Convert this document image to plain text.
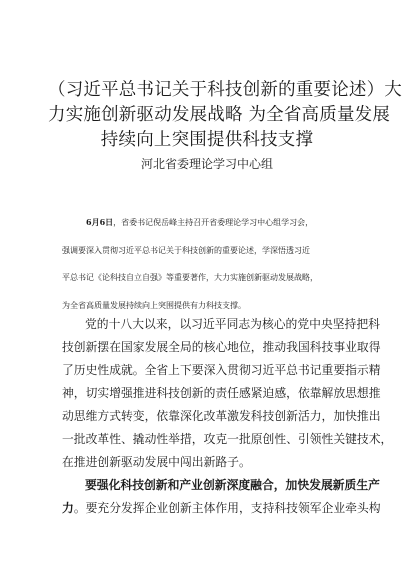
（习近平总书记关于科技创新的重要论述）大
力实施创新驱动发展战略 为全省高质量发展
持续向上突围提供科技支撑
河北省委理论学习中心组
6月6日，省委书记倪岳峰主持召开省委理论学习中心组学习会，
强调要深入贯彻习近平总书记关于科技创新的重要论述，学深悟透习近
平总书记《论科技自立自强》等重要著作，大力实施创新驱动发展战略，
为全省高质量发展持续向上突围提供有力科技支撑。
党的十八大以来，以习近平同志为核心的党中央坚持把科
技创新摆在国家发展全局的核心地位，推动我国科技事业取得
了历史性成就。全省上下要深入贯彻习近平总书记重要指示精
神，切实增强推进科技创新的责任感紧迫感，依靠解放思想推
动思维方式转变，依靠深化改革激发科技创新活力，加快推出
一批改革性、撬动性举措，攻克一批原创性、引领性关键技术，
在推进创新驱动发展中闯出新路子。
要强化科技创新和产业创新深度融合，加快发展新质生产
力。要充分发挥企业创新主体作用，支持科技领军企业牵头构
